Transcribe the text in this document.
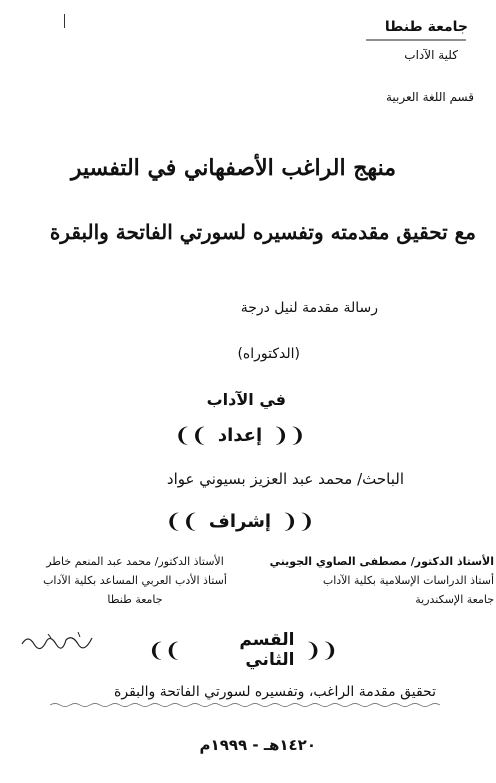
جامعة طنطا
كلية الآداب
قسم اللغة العربية
منهج الراغب الأصفهاني في التفسير
مع تحقيق مقدمته وتفسيره لسورتي الفاتحة والبقرة
رسالة مقدمة لنيل درجة
(الدكتوراه)
في الآداب
❨❨
إعداد
❩❩
الباحث/ محمد عبد العزيز بسيوني عواد
❨❨
إشراف
❩❩
الأستاذ الدكتور/ مصطفى الصاوي الجويني
أستاذ الدراسات الإسلامية بكلية الآداب
جامعة الإسكندرية
الأستاذ الدكتور/ محمد عبد المنعم خاطر
أستاذ الأدب العربي المساعد بكلية الآداب
جامعة طنطا
❨❨
القسم الثاني
❩❩
تحقيق مقدمة الراغب، وتفسيره لسورتي الفاتحة والبقرة
١٤٢٠هـ - ١٩٩٩م
